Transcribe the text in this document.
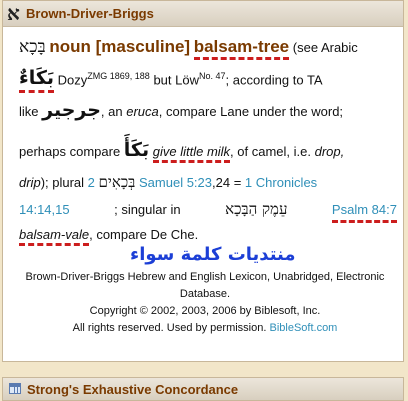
א Brown-Driver-Briggs
בָּכָא noun [masculine] balsam-tree (see Arabic
بَكَاءٌ Dozy$^{ZMG 1869, 188}$ but Löw$^{No. 47}$; according to TA
like جرجير, an eruca, compare Lane under the word;
perhaps compare بَكَأَ give little milk, of camel, i.e. drop,
drip); plural 2 בְּכָאִים Samuel 5:23,24 = 1 Chronicles
14:14,15	; singular in	עֵמֶק הַבָּכָא	Psalm 84:7
balsam-vale, compare De Che.
Brown-Driver-Briggs Hebrew and English Lexicon, Unabridged, Electronic
Database.
Copyright © 2002, 2003, 2006 by Biblesoft, Inc.
All rights reserved. Used by permission. BibleSoft.com
منتديات كلمة سواء
Strong's Exhaustive Concordance
